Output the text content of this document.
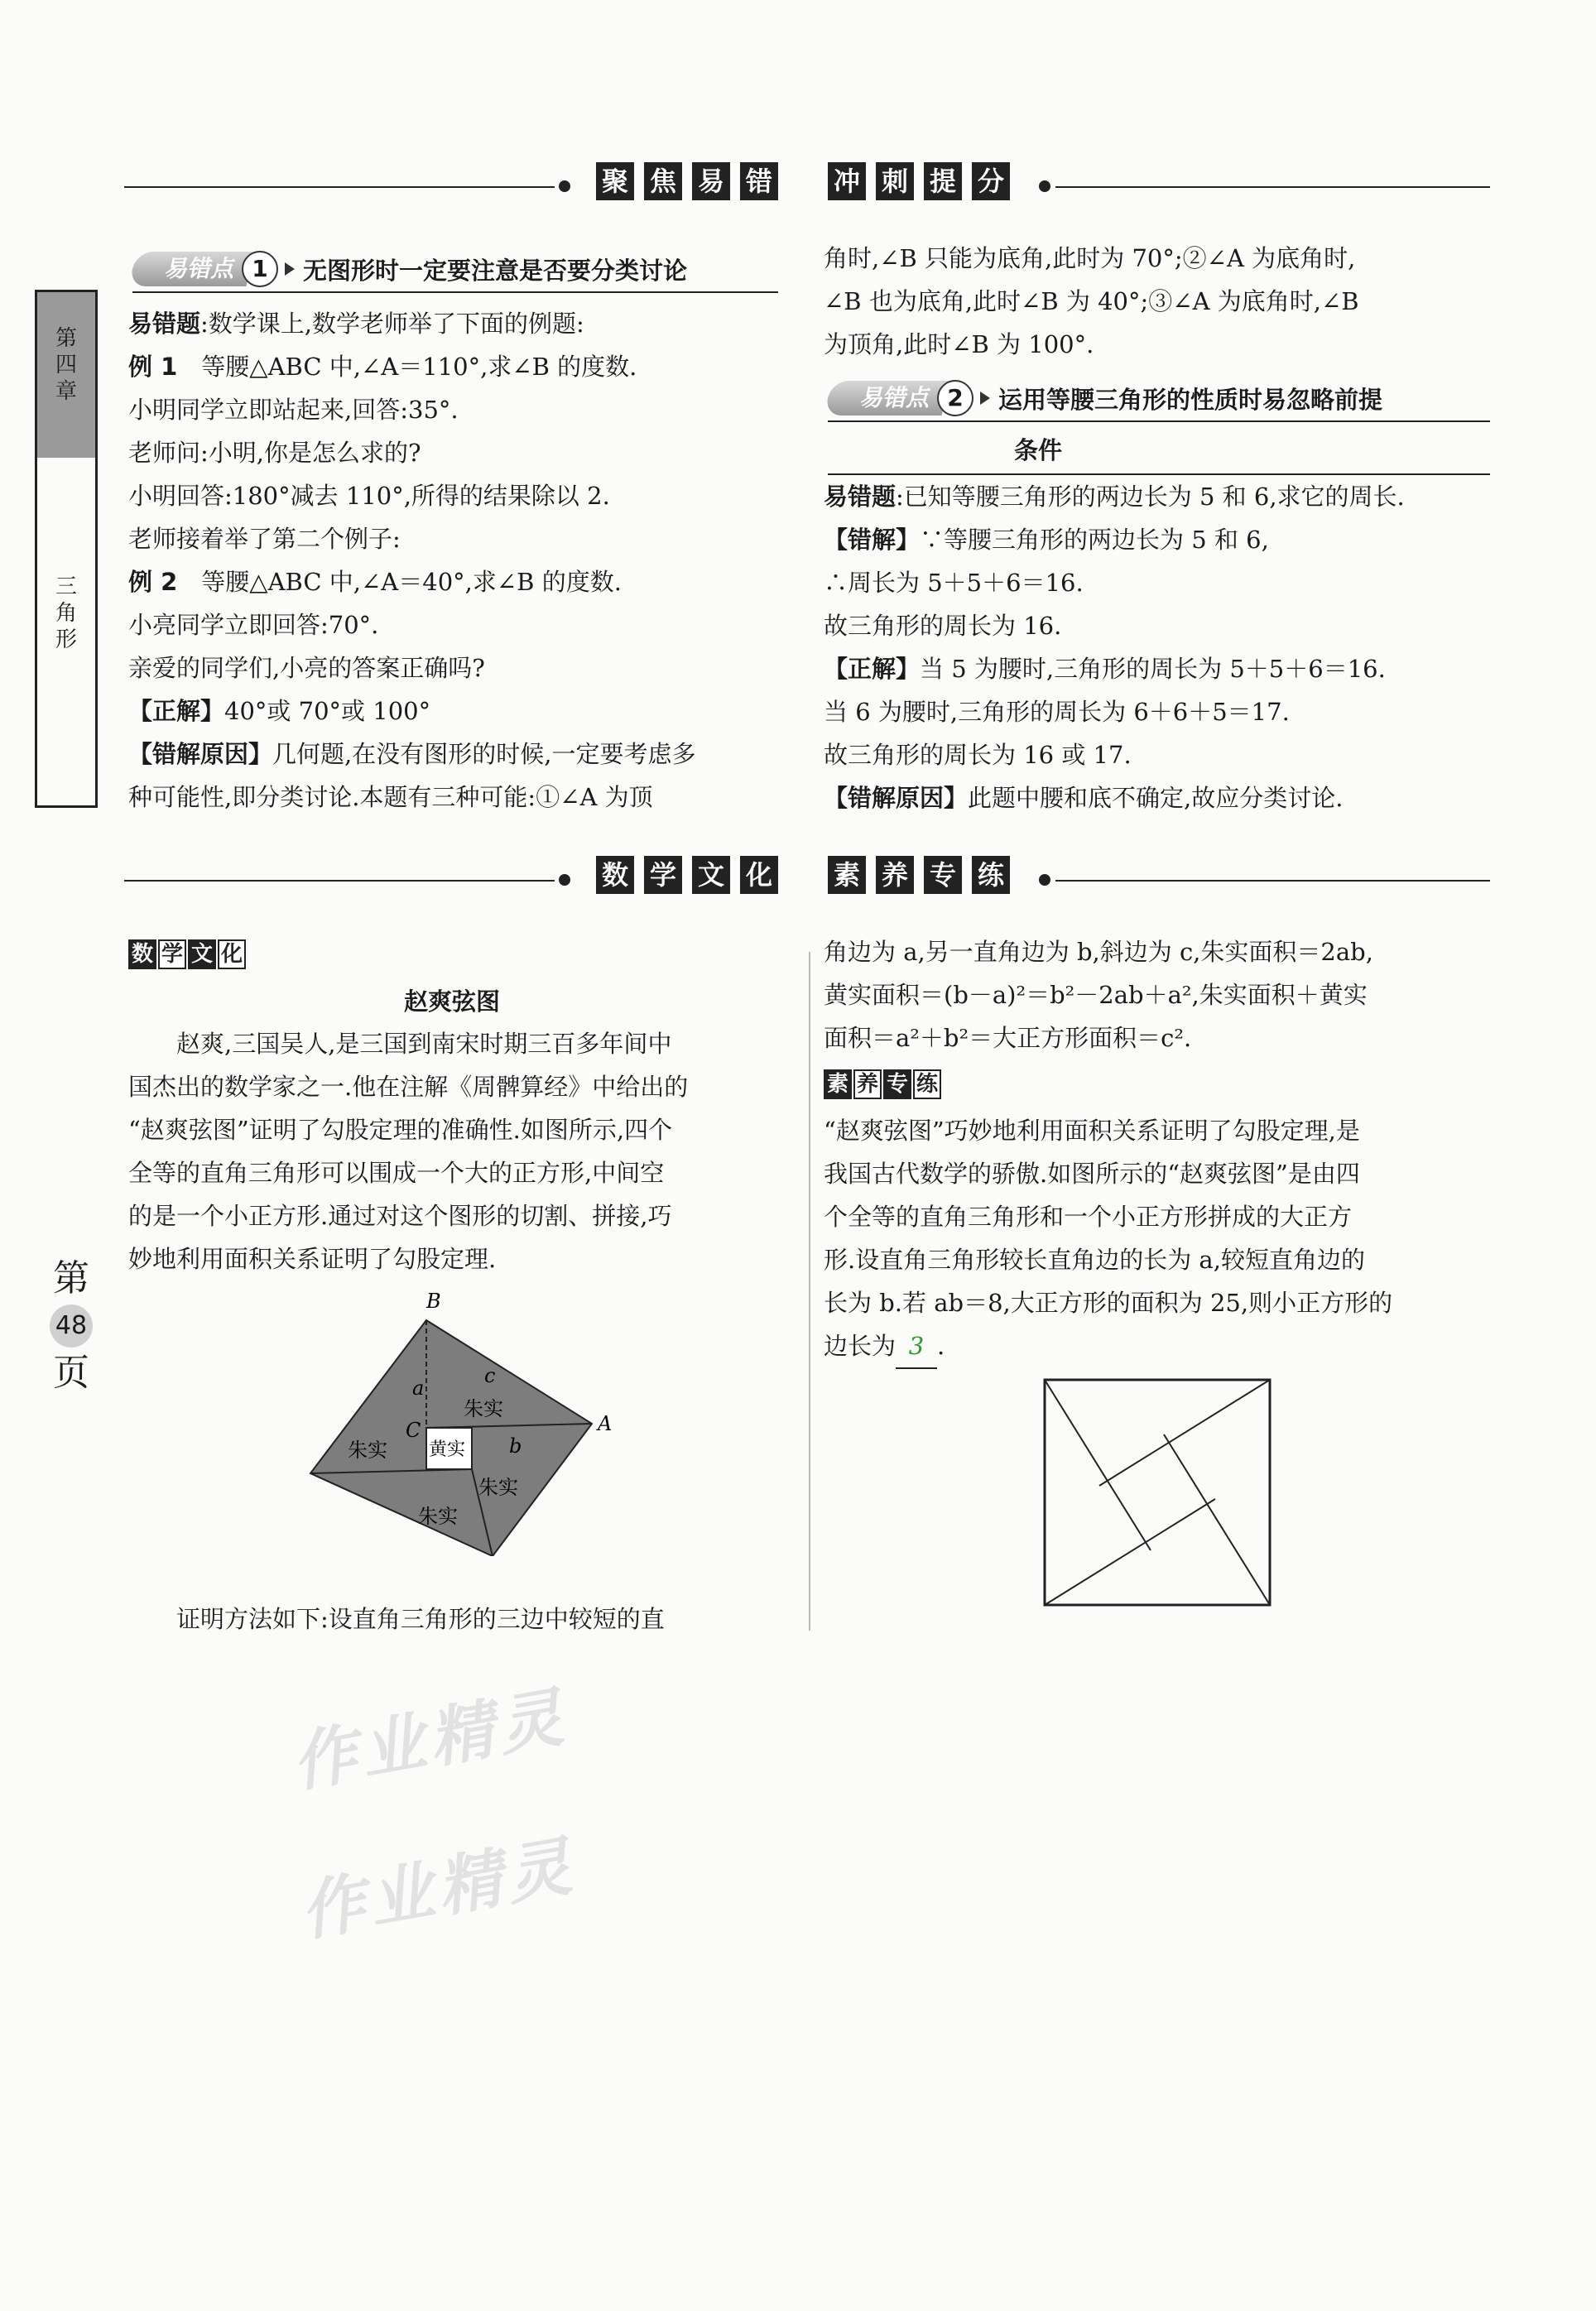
聚 焦 易 错 冲 刺 提 分
第
四
章
三
角
形
第
48
页
易错点 1	无图形时一定要注意是否要分类讨论

易错题:数学课上,数学老师举了下面的例题:

例 1　等腰△ABC 中,∠A＝110°,求∠B 的度数.

小明同学立即站起来,回答:35°.

老师问:小明,你是怎么求的?

小明回答:180°减去 110°,所得的结果除以 2.

老师接着举了第二个例子:

例 2　等腰△ABC 中,∠A＝40°,求∠B 的度数.

小亮同学立即回答:70°.

亲爱的同学们,小亮的答案正确吗?

【正解】40°或 70°或 100°

【错解原因】几何题,在没有图形的时候,一定要考虑多

种可能性,即分类讨论.本题有三种可能:①∠A 为顶

角时,∠B 只能为底角,此时为 70°;②∠A 为底角时,

∠B 也为底角,此时∠B 为 40°;③∠A 为底角时,∠B

为顶角,此时∠B 为 100°.

易错点 2	运用等腰三角形的性质时易忽略前提
条件

易错题:已知等腰三角形的两边长为 5 和 6,求它的周长.

【错解】∵等腰三角形的两边长为 5 和 6,

∴周长为 5＋5＋6＝16.

故三角形的周长为 16.

【正解】当 5 为腰时,三角形的周长为 5＋5＋6＝16.

当 6 为腰时,三角形的周长为 6＋6＋5＝17.

故三角形的周长为 16 或 17.

【错解原因】此题中腰和底不确定,故应分类讨论.

数 学 文 化 素 养 专 练
数 学 文 化
赵爽弦图

　　赵爽,三国吴人,是三国到南宋时期三百多年间中

国杰出的数学家之一.他在注解《周髀算经》中给出的

“赵爽弦图”证明了勾股定理的准确性.如图所示,四个

全等的直角三角形可以围成一个大的正方形,中间空

的是一个小正方形.通过对这个图形的切割、拼接,巧

妙地利用面积关系证明了勾股定理.

B
A
C
a
c
b
朱实
朱实
朱实
朱实
黄实

　　证明方法如下:设直角三角形的三边中较短的直

角边为 a,另一直角边为 b,斜边为 c,朱实面积＝2ab,

黄实面积＝(b－a)²＝b²－2ab＋a²,朱实面积＋黄实

面积＝a²＋b²＝大正方形面积＝c².

素 养 专 练

“赵爽弦图”巧妙地利用面积关系证明了勾股定理,是

我国古代数学的骄傲.如图所示的“赵爽弦图”是由四

个全等的直角三角形和一个小正方形拼成的大正方

形.设直角三角形较长直角边的长为 a,较短直角边的

长为 b.若 ab＝8,大正方形的面积为 25,则小正方形的

边长为 3 .

作业精灵
作业精灵
